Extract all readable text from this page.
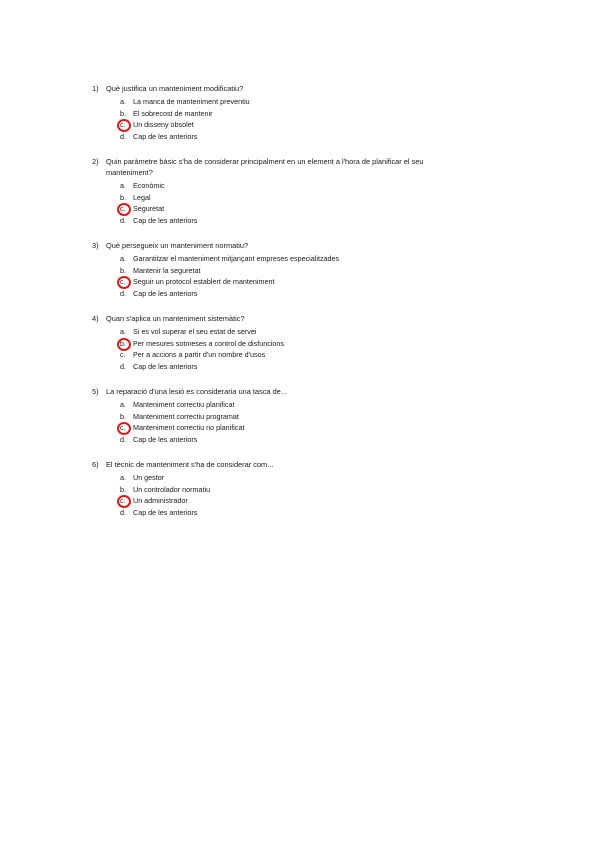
1)	Què justifica un manteniment modificatiu?
a. La manca de manteniment preventiu
b. El sobrecost de mantenir
c.	Un disseny obsolet
d. Cap de les anteriors
2)	Quin paràmetre bàsic s'ha de considerar principalment en un element a l'hora de planificar el seu manteniment?
a. Econòmic
b. Legal
c.	Seguretat
d. Cap de les anteriors
3)	Què persegueix un manteniment normatiu?
a. Garantitzar el manteniment mitjançant empreses especialitzades
b. Mantenir la seguretat
c.	Seguir un protocol establert de manteniment
d. Cap de les anteriors
4)	Quan s'aplica un manteniment sistemàtic?
a. Si es vol superar el seu estat de servei
b. Per mesures sotmeses a control de disfuncions
c.	Per a accions a partir d'un nombre d'usos
d. Cap de les anteriors
5)	La reparació d'una lesió es consideraria una tasca de...
a. Manteniment correctiu planificat
b. Manteniment correctiu programat
c.	Manteniment correctiu no planificat
d. Cap de les anteriors
6)	El tècnic de manteniment s'ha de considerar com...
a. Un gestor
b. Un controlador normatiu
c.	Un administrador
d. Cap de les anteriors
